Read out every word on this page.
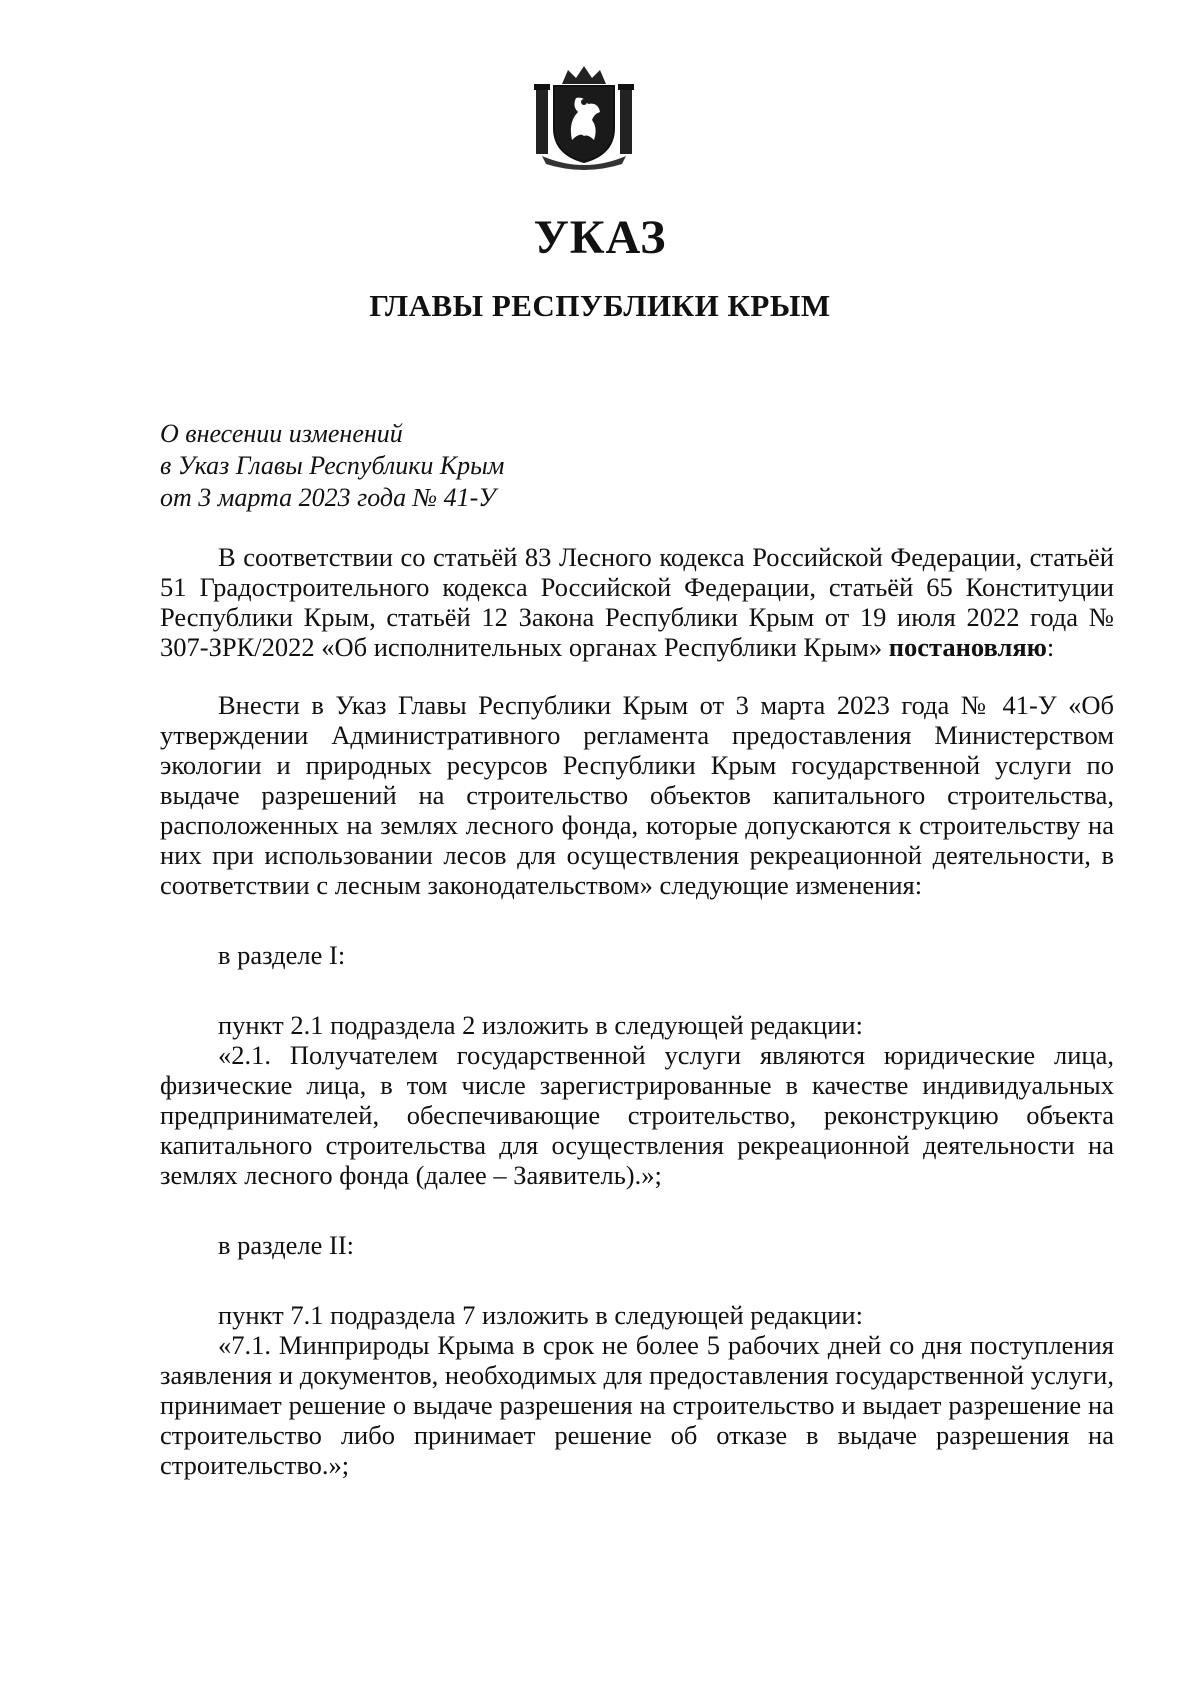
УКАЗ
ГЛАВЫ РЕСПУБЛИКИ КРЫМ
О внесении изменений
в Указ Главы Республики Крым
от 3 марта 2023 года № 41-У

В соответствии со статьёй 83 Лесного кодекса Российской Федерации, статьёй 51 Градостроительного кодекса Российской Федерации, статьёй 65 Конституции Республики Крым, статьёй 12 Закона Республики Крым от 19 июля 2022 года № 307-ЗРК/2022 «Об исполнительных органах Республики Крым» постановляю:

Внести в Указ Главы Республики Крым от 3 марта 2023 года № 41-У «Об утверждении Административного регламента предоставления Министерством экологии и природных ресурсов Республики Крым государственной услуги по выдаче разрешений на строительство объектов капитального строительства, расположенных на землях лесного фонда, которые допускаются к строительству на них при использовании лесов для осуществления рекреационной деятельности, в соответствии с лесным законодательством» следующие изменения:

в разделе I:

пункт 2.1 подраздела 2 изложить в следующей редакции:

«2.1. Получателем государственной услуги являются юридические лица, физические лица, в том числе зарегистрированные в качестве индивидуальных предпринимателей, обеспечивающие строительство, реконструкцию объекта капитального строительства для осуществления рекреационной деятельности на землях лесного фонда (далее – Заявитель).»;

в разделе II:

пункт 7.1 подраздела 7 изложить в следующей редакции:

«7.1. Минприроды Крыма в срок не более 5 рабочих дней со дня поступления заявления и документов, необходимых для предоставления государственной услуги, принимает решение о выдаче разрешения на строительство и выдает разрешение на строительство либо принимает решение об отказе в выдаче разрешения на строительство.»;
